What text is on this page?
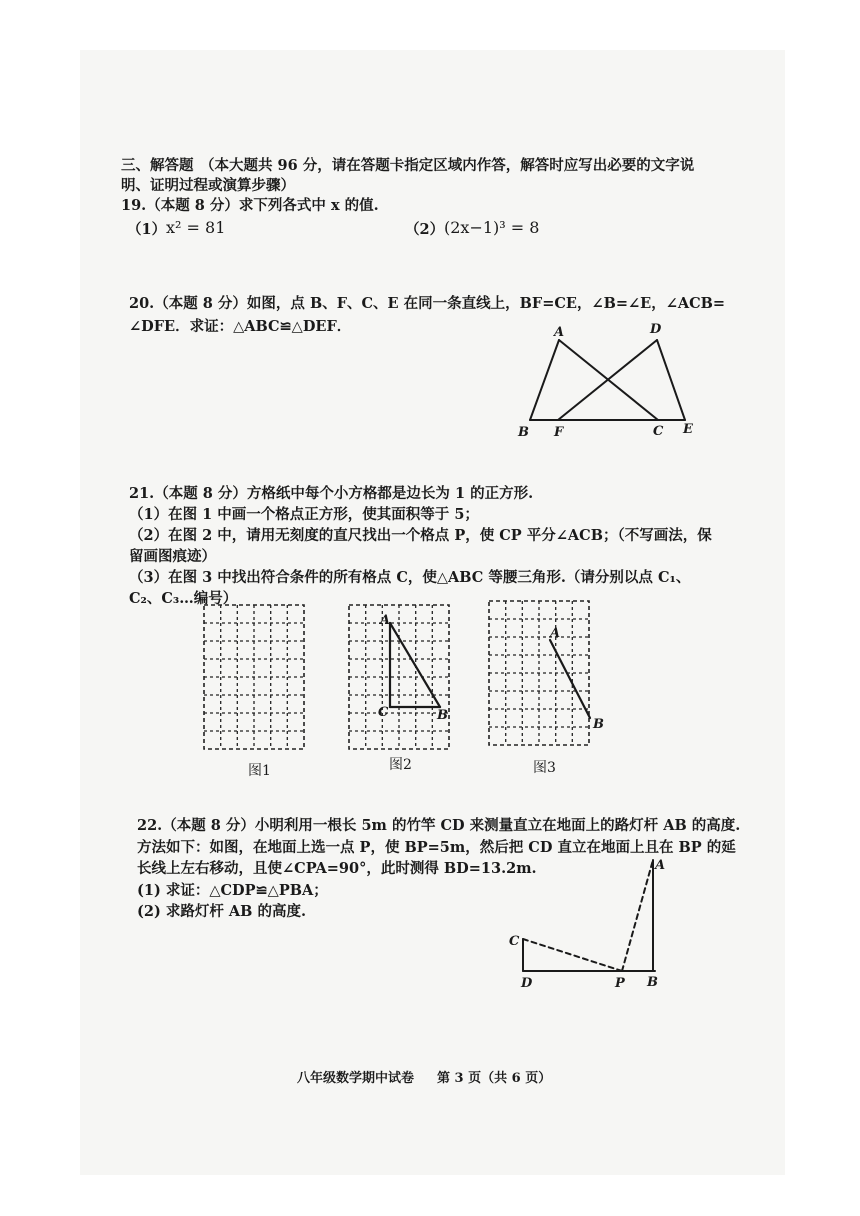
三、解答题 （本大题共 96 分，请在答题卡指定区域内作答，解答时应写出必要的文字说
明、证明过程或演算步骤）
19.（本题 8 分）求下列各式中 x 的值.
（1） x² = 81	（2） (2x−1)³ = 8
20.（本题 8 分）如图，点 B、F、C、E 在同一条直线上，BF=CE，∠B=∠E，∠ACB=
∠DFE．求证：△ABC≌△DEF．	A	D
B F	C E
21.（本题 8 分）方格纸中每个小方格都是边长为 1 的正方形.
（1）在图 1 中画一个格点正方形，使其面积等于 5；
（2）在图 2 中，请用无刻度的直尺找出一个格点 P，使 CP 平分∠ACB；（不写画法，保
留画图痕迹）
（3）在图 3 中找出符合条件的所有格点 C，使△ABC 等腰三角形.（请分别以点 C₁、
C₂、C₃…编号）
A
C	B
A
B
图1	图2	图3
22.（本题 8 分）小明利用一根长 5m 的竹竿 CD 来测量直立在地面上的路灯杆 AB 的高度.
方法如下：如图，在地面上选一点 P，使 BP=5m，然后把 CD 直立在地面上且在 BP 的延
长线上左右移动，且使∠CPA=90°，此时测得 BD=13.2m.
(1) 求证：△CDP≌△PBA；
(2) 求路灯杆 AB 的高度.
A
C
D	P B
八年级数学期中试卷 第 3 页（共 6 页）
